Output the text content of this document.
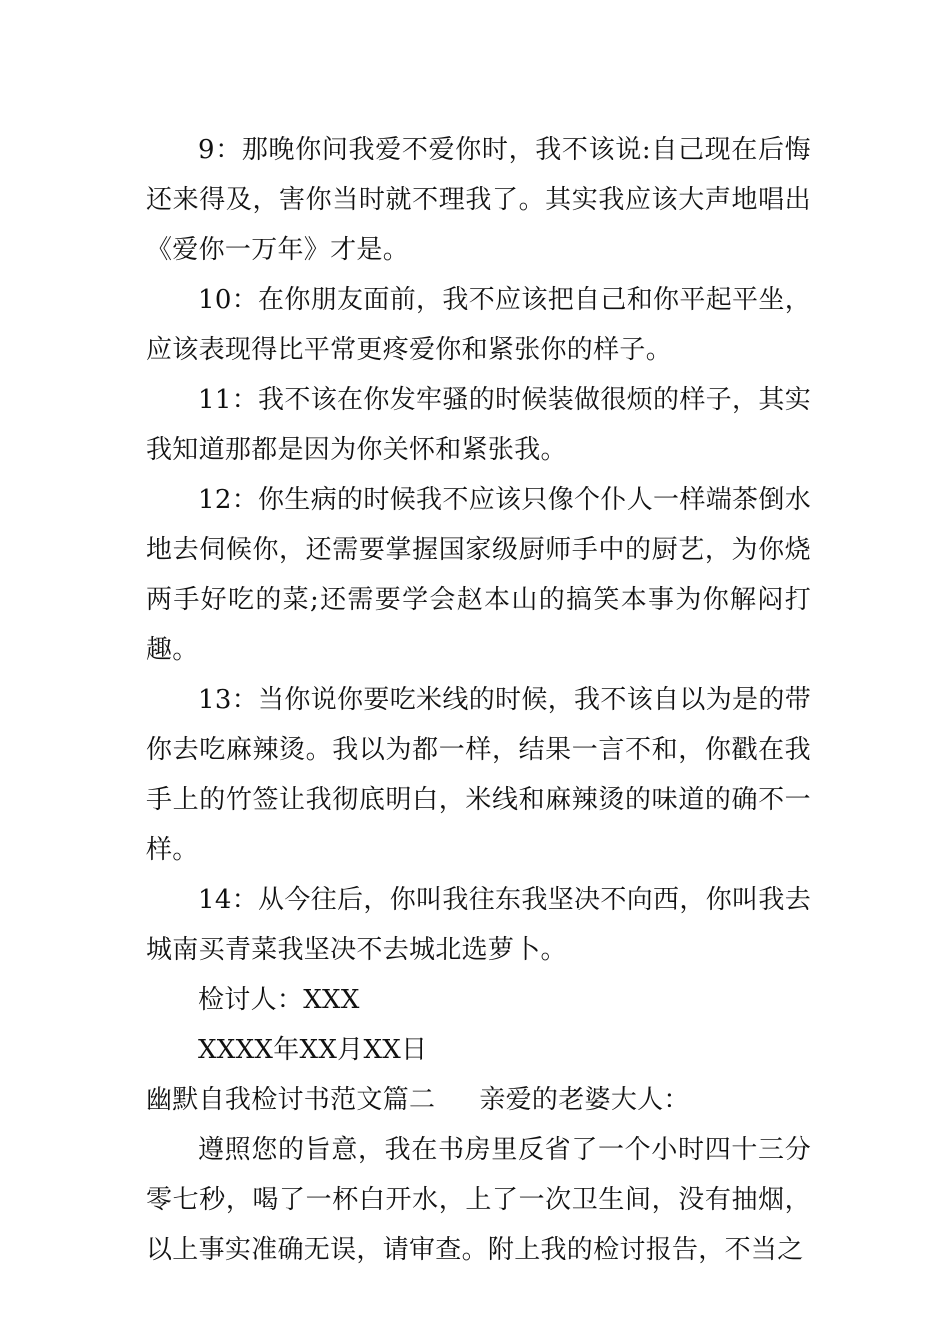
9：那晚你问我爱不爱你时，我不该说:自己现在后悔还来得及，害你当时就不理我了。其实我应该大声地唱出《爱你一万年》才是。

10：在你朋友面前，我不应该把自己和你平起平坐，应该表现得比平常更疼爱你和紧张你的样子。

11：我不该在你发牢骚的时候装做很烦的样子，其实我知道那都是因为你关怀和紧张我。

12：你生病的时候我不应该只像个仆人一样端茶倒水地去伺候你，还需要掌握国家级厨师手中的厨艺，为你烧两手好吃的菜;还需要学会赵本山的搞笑本事为你解闷打趣。

13：当你说你要吃米线的时候，我不该自以为是的带你去吃麻辣烫。我以为都一样，结果一言不和，你戳在我手上的竹签让我彻底明白，米线和麻辣烫的味道的确不一样。

14：从今往后，你叫我往东我坚决不向西，你叫我去城南买青菜我坚决不去城北选萝卜。

检讨人：XXX

XXXX年XX月XX日

幽默自我检讨书范文篇二 亲爱的老婆大人：

遵照您的旨意，我在书房里反省了一个小时四十三分零七秒，喝了一杯白开水，上了一次卫生间，没有抽烟，以上事实准确无误，请审查。附上我的检讨报告，不当之
